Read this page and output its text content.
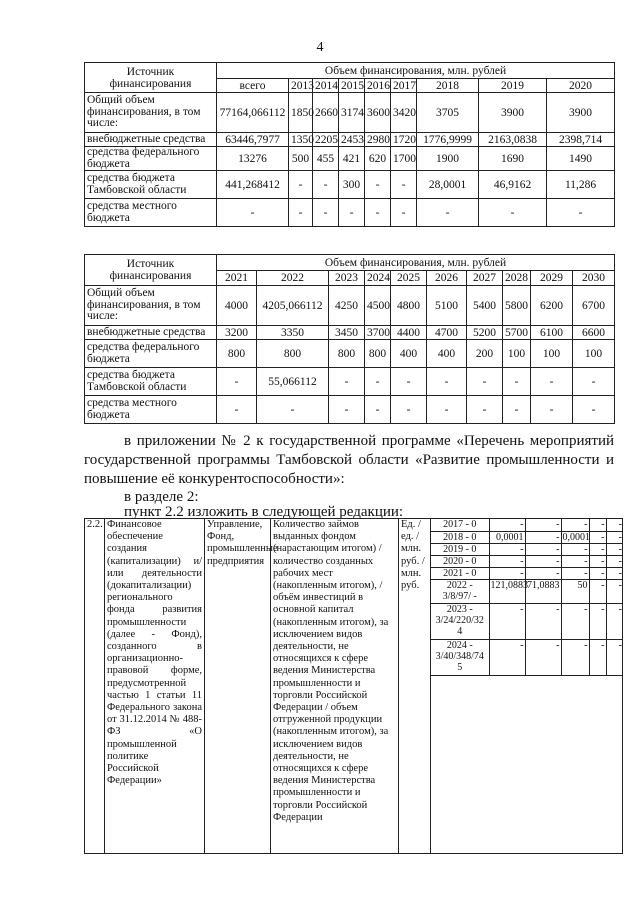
4
Источник финансирования	Объем финансирования, млн. рублей								
	всего	2013	2014	2015	2016	2017	2018	2019	2020
Общий объем финансирования, в том числе:	77164,066112	1850	2660	3174	3600	3420	3705	3900	3900
внебюджетные средства	63446,7977	1350	2205	2453	2980	1720	1776,9999	2163,0838	2398,714
средства федерального бюджета	13276	500	455	421	620	1700	1900	1690	1490
средства бюджета Тамбовской области	441,268412	-	-	300	-	-	28,0001	46,9162	11,286
средства местного бюджета	-	-	-	-	-	-	-	-	-
Источник финансирования	Объем финансирования, млн. рублей									
	2021	2022	2023	2024	2025	2026	2027	2028	2029	2030
Общий объем финансирования, в том числе:	4000	4205,066112	4250	4500	4800	5100	5400	5800	6200	6700
внебюджетные средства	3200	3350	3450	3700	4400	4700	5200	5700	6100	6600
средства федерального бюджета	800	800	800	800	400	400	200	100	100	100
средства бюджета Тамбовской области	-	55,066112	-	-	-	-	-	-	-	-
средства местного бюджета	-	-	-	-	-	-	-	-	-	-
в приложении № 2 к государственной программе «Перечень мероприятий государственной программы Тамбовской области «Развитие промышленности и повышение её конкурентоспособности»:
в разделе 2:
пункт 2.2 изложить в следующей редакции:
2.2.	Финансовое обеспечение создания (капитализации) и/или деятельности (докапитализации) регионального фонда развития промышленности (далее - Фонд), созданного в организационно-правовой форме, предусмотренной частью 1 статьи 11 Федерального закона от 31.12.2014 № 488-ФЗ «О промышленной политике Российской Федерации»	Управление, Фонд, промышленные предприятия	Количество займов выданных фондом (нарастающим итогом) / количество созданных рабочих мест (накопленным итогом), / объём инвестиций в основной капитал (накопленным итогом), за исключением видов деятельности, не относящихся к сфере ведения Министерства промышленности и торговли Российской Федерации / объем отгруженной продукции (накопленным итогом), за исключением видов деятельности, не относящихся к сфере ведения Министерства промышленности и торговли Российской Федерации	Ед. / ед. / млн. руб. / млн. руб.	
2017 - 0	-	-	-	-	-
2018 - 0	0,0001	-	0,0001	-	-
2019 - 0	-	-	-	-	-
2020 - 0	-	-	-	-	-
2021 - 0	-	-	-	-	-
2022 - 3/8/97/ -	121,0883	71,0883	50	-	-
2023 - 3/24/220/32 4	-	-	-	-	-
2024 - 3/40/348/74 5	-	-	-	-	-
